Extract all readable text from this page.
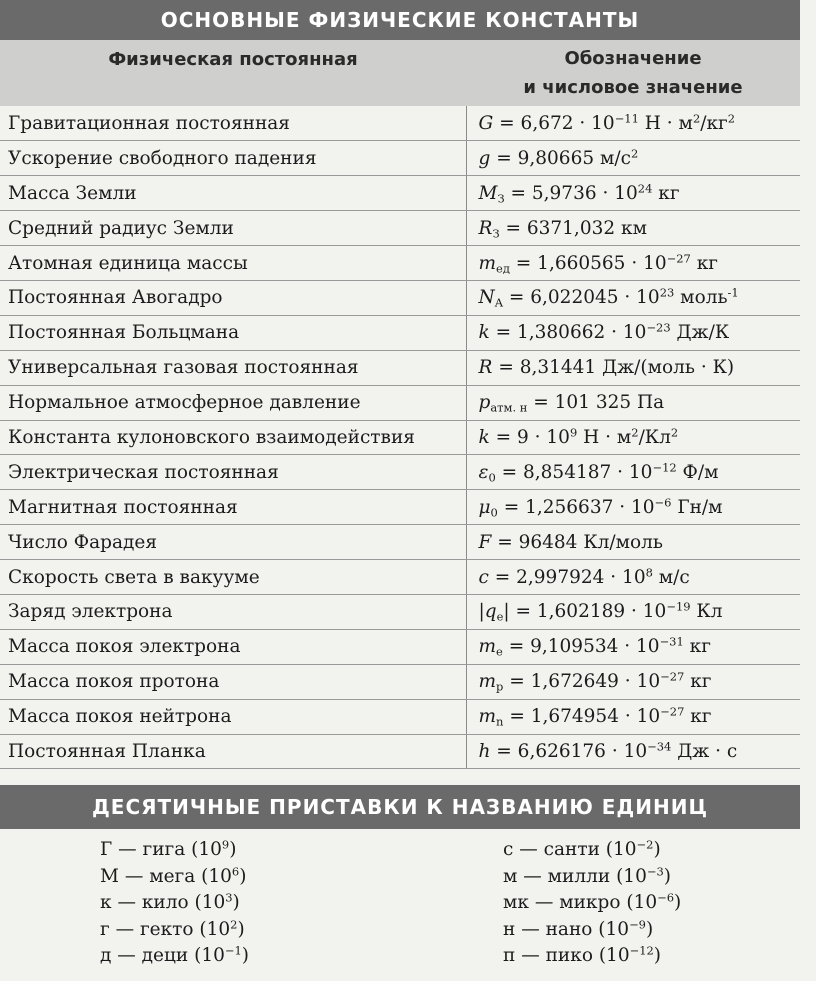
ОСНОВНЫЕ ФИЗИЧЕСКИЕ КОНСТАНТЫ
Физическая постоянная	Обозначение
и числовое значение
Гравитационная постоянная	$G = 6,672 \cdot 10^{-11}$ $Н \cdot м^2/кг^2$
Ускорение свободного падения	g = 9,80665 $м/с^2$
Масса Земли	$M_З = 5,9736 \cdot 10^{24}$ кг
Средний радиус Земли	$R_З = 6371,032$ км
Атомная единица массы	$m_{ед} = 1,660565 \cdot 10^{-27}$ кг
Постоянная Авогадро	$N_A = 6,022045 \cdot 10^{23}$ моль$^{-1}$
Постоянная Больцмана	$k = 1,380662 \cdot 10^{-23}$ Дж/К
Универсальная газовая постоянная	R = 8,31441 Дж/(моль · К)
Нормальное атмосферное давление	$p_{атм. н} = 101$ 325 Па
Константа кулоновского взаимодействия	$k = 9 \cdot 10^9$ $Н \cdot м^2/Кл^2$
Электрическая постоянная	$\varepsilon_0 = 8,854187 \cdot 10^{-12}$ Ф/м
Магнитная постоянная	$\mu_0 = 1,256637 \cdot 10^{-6}$ Гн/м
Число Фарадея	F = 96484 Кл/моль
Скорость света в вакууме	$c = 2,997924 \cdot 10^8$ м/с
Заряд электрона	$|q_e| = 1,602189 \cdot 10^{-19}$ Кл
Масса покоя электрона	$m_e = 9,109534 \cdot 10^{-31}$ кг
Масса покоя протона	$m_p = 1,672649 \cdot 10^{-27}$ кг
Масса покоя нейтрона	$m_n = 1,674954 \cdot 10^{-27}$ кг
Постоянная Планка	$h = 6,626176 \cdot 10^{-34}$ Дж · с
ДЕСЯТИЧНЫЕ ПРИСТАВКИ К НАЗВАНИЮ ЕДИНИЦ
Г — гига $(10^9)$
М — мега $(10^6)$
к — кило $(10^3)$
г — гекто $(10^2)$
д — деци $(10^{-1})$
с — санти $(10^{-2})$
м — милли $(10^{-3})$
мк — микро $(10^{-6})$
н — нано $(10^{-9})$
п — пико $(10^{-12})$
